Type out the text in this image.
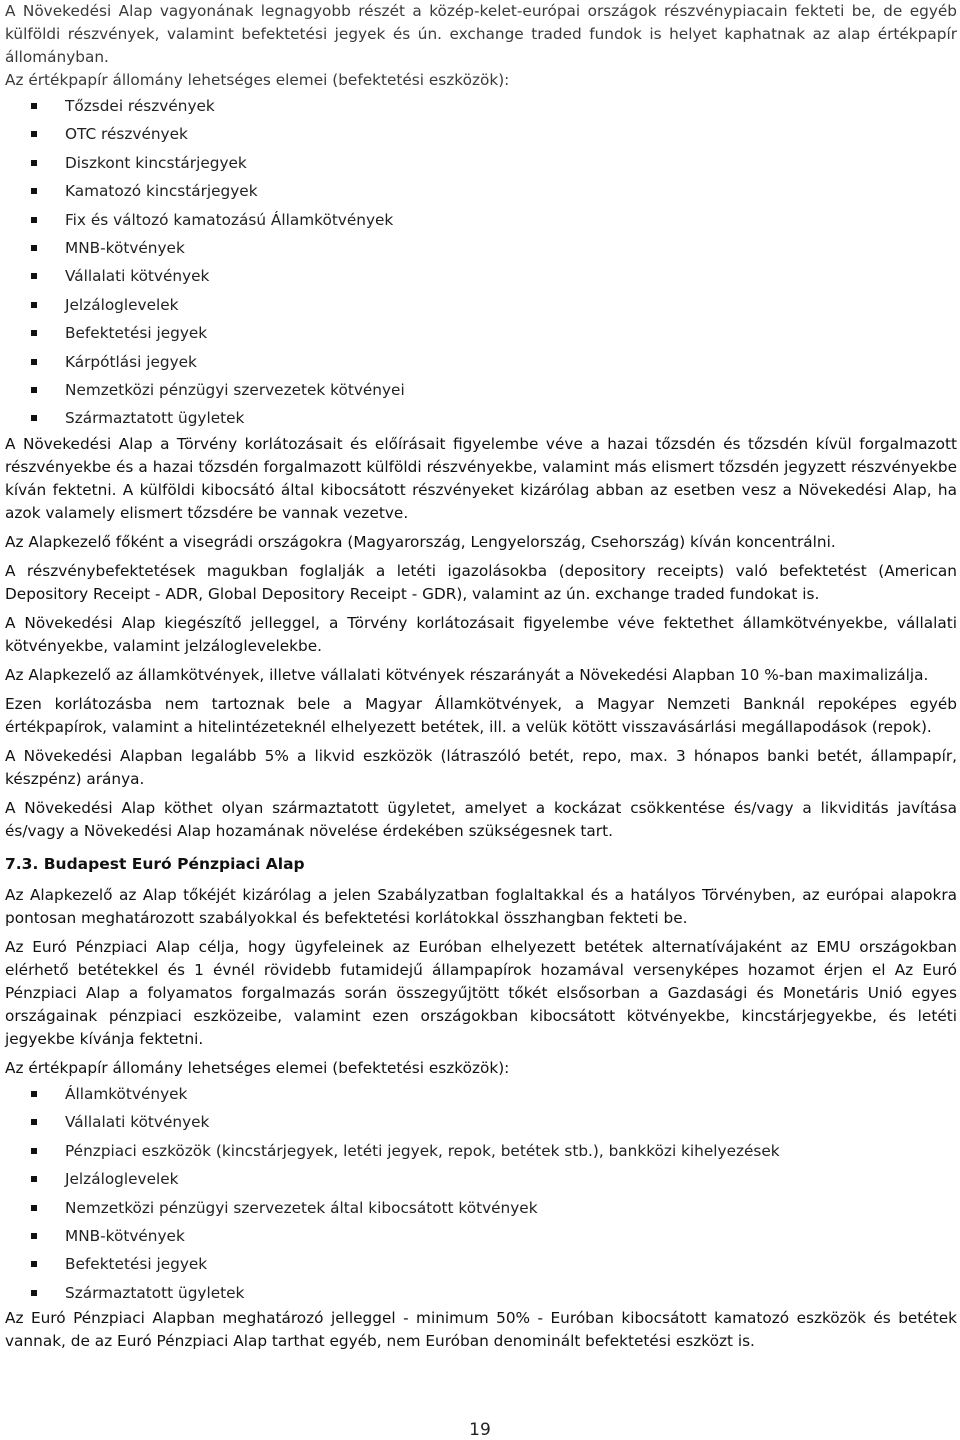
A Növekedési Alap vagyonának legnagyobb részét a közép-kelet-európai országok részvénypiacain fekteti be, de egyéb külföldi részvények, valamint befektetési jegyek és ún. exchange traded fundok is helyet kaphatnak az alap értékpapír állományban.

Az értékpapír állomány lehetséges elemei (befektetési eszközök):

Tőzsdei részvények
OTC részvények
Diszkont kincstárjegyek
Kamatozó kincstárjegyek
Fix és változó kamatozású Államkötvények
MNB-kötvények
Vállalati kötvények
Jelzáloglevelek
Befektetési jegyek
Kárpótlási jegyek
Nemzetközi pénzügyi szervezetek kötvényei
Származtatott ügyletek

A Növekedési Alap a Törvény korlátozásait és előírásait figyelembe véve a hazai tőzsdén és tőzsdén kívül forgalmazott részvényekbe és a hazai tőzsdén forgalmazott külföldi részvényekbe, valamint más elismert tőzsdén jegyzett részvényekbe kíván fektetni. A külföldi kibocsátó által kibocsátott részvényeket kizárólag abban az esetben vesz a Növekedési Alap, ha azok valamely elismert tőzsdére be vannak vezetve.

Az Alapkezelő főként a visegrádi országokra (Magyarország, Lengyelország, Csehország) kíván koncentrálni.

A részvénybefektetések magukban foglalják a letéti igazolásokba (depository receipts) való befektetést (American Depository Receipt - ADR, Global Depository Receipt - GDR), valamint az ún. exchange traded fundokat is.

A Növekedési Alap kiegészítő jelleggel, a Törvény korlátozásait figyelembe véve fektethet államkötvényekbe, vállalati kötvényekbe, valamint jelzáloglevelekbe.

Az Alapkezelő az államkötvények, illetve vállalati kötvények részarányát a Növekedési Alapban 10 %-ban maximalizálja.

Ezen korlátozásba nem tartoznak bele a Magyar Államkötvények, a Magyar Nemzeti Banknál repoképes egyéb értékpapírok, valamint a hitelintézeteknél elhelyezett betétek, ill. a velük kötött visszavásárlási megállapodások (repok).

A Növekedési Alapban legalább 5% a likvid eszközök (látraszóló betét, repo, max. 3 hónapos banki betét, állampapír, készpénz) aránya.

A Növekedési Alap köthet olyan származtatott ügyletet, amelyet a kockázat csökkentése és/vagy a likviditás javítása és/vagy a Növekedési Alap hozamának növelése érdekében szükségesnek tart.

7.3. Budapest Euró Pénzpiaci Alap

Az Alapkezelő az Alap tőkéjét kizárólag a jelen Szabályzatban foglaltakkal és a hatályos Törvényben, az európai alapokra pontosan meghatározott szabályokkal és befektetési korlátokkal összhangban fekteti be.

Az Euró Pénzpiaci Alap célja, hogy ügyfeleinek az Euróban elhelyezett betétek alternatívájaként az EMU országokban elérhető betétekkel és 1 évnél rövidebb futamidejű állampapírok hozamával versenyképes hozamot érjen el Az Euró Pénzpiaci Alap a folyamatos forgalmazás során összegyűjtött tőkét elsősorban a Gazdasági és Monetáris Unió egyes országainak pénzpiaci eszközeibe, valamint ezen országokban kibocsátott kötvényekbe, kincstárjegyekbe, és letéti jegyekbe kívánja fektetni.

Az értékpapír állomány lehetséges elemei (befektetési eszközök):

Államkötvények
Vállalati kötvények
Pénzpiaci eszközök (kincstárjegyek, letéti jegyek, repok, betétek stb.), bankközi kihelyezések
Jelzáloglevelek
Nemzetközi pénzügyi szervezetek által kibocsátott kötvények
MNB-kötvények
Befektetési jegyek
Származtatott ügyletek

Az Euró Pénzpiaci Alapban meghatározó jelleggel - minimum 50% - Euróban kibocsátott kamatozó eszközök és betétek vannak, de az Euró Pénzpiaci Alap tarthat egyéb, nem Euróban denominált befektetési eszközt is.

19
